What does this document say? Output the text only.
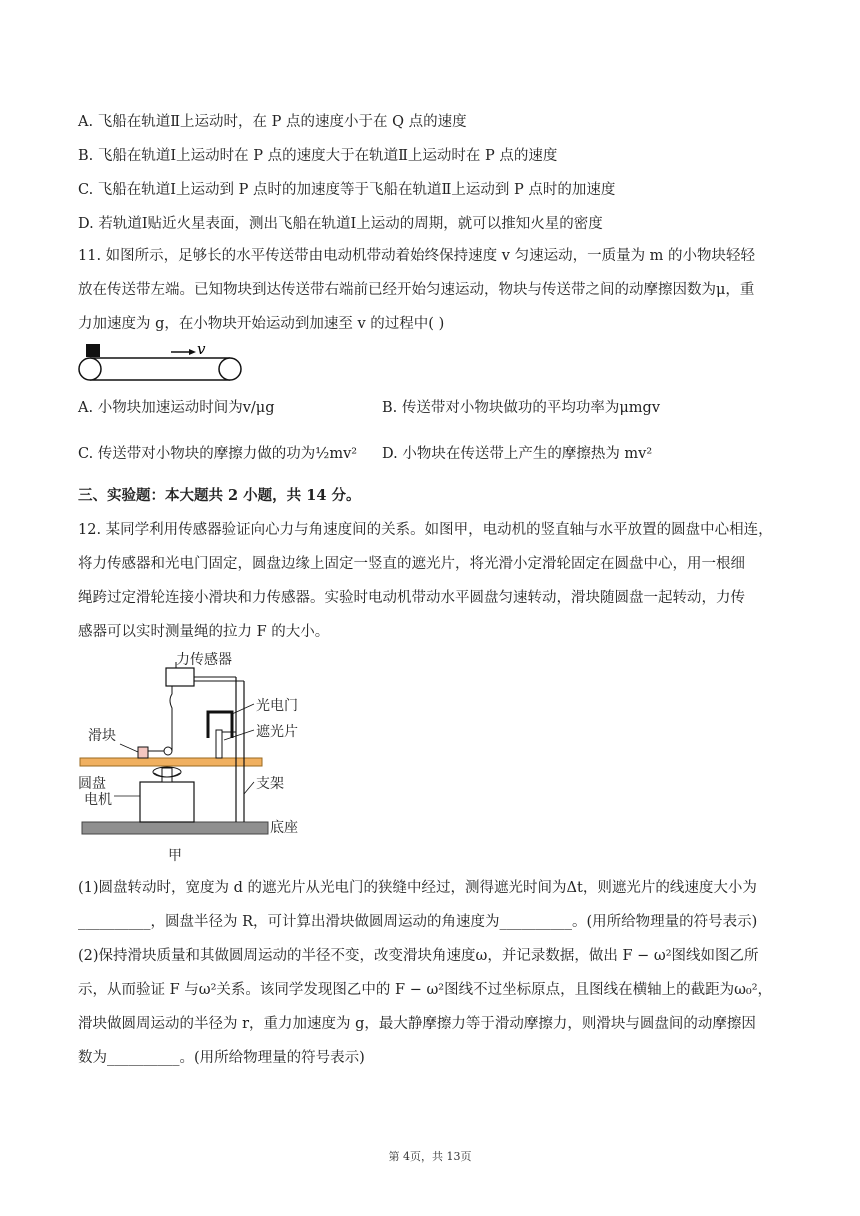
A. 飞船在轨道Ⅱ上运动时，在 P 点的速度小于在 Q 点的速度
B. 飞船在轨道Ⅰ上运动时在 P 点的速度大于在轨道Ⅱ上运动时在 P 点的速度
C. 飞船在轨道Ⅰ上运动到 P 点时的加速度等于飞船在轨道Ⅱ上运动到 P 点时的加速度
D. 若轨道Ⅰ贴近火星表面，测出飞船在轨道Ⅰ上运动的周期，就可以推知火星的密度
11. 如图所示，足够长的水平传送带由电动机带动着始终保持速度 v 匀速运动，一质量为 m 的小物块轻轻
放在传送带左端。已知物块到达传送带右端前已经开始匀速运动，物块与传送带之间的动摩擦因数为μ，重
力加速度为 g，在小物块开始运动到加速至 v 的过程中( )
v
A. 小物块加速运动时间为v/μg	B. 传送带对小物块做功的平均功率为μmgv
C. 传送带对小物块的摩擦力做的功为½mv² D. 小物块在传送带上产生的摩擦热为 mv²
三、实验题：本大题共 2 小题，共 14 分。
12. 某同学利用传感器验证向心力与角速度间的关系。如图甲，电动机的竖直轴与水平放置的圆盘中心相连，
将力传感器和光电门固定，圆盘边缘上固定一竖直的遮光片，将光滑小定滑轮固定在圆盘中心，用一根细
绳跨过定滑轮连接小滑块和力传感器。实验时电动机带动水平圆盘匀速转动，滑块随圆盘一起转动，力传
感器可以实时测量绳的拉力 F 的大小。
力传感器
光电门
遮光片
滑块
圆盘	支架
电机
底座
甲
(1)圆盘转动时，宽度为 d 的遮光片从光电门的狭缝中经过，测得遮光时间为Δt，则遮光片的线速度大小为
__________，圆盘半径为 R，可计算出滑块做圆周运动的角速度为__________。(用所给物理量的符号表示)
(2)保持滑块质量和其做圆周运动的半径不变，改变滑块角速度ω，并记录数据，做出 F − ω²图线如图乙所
示，从而验证 F 与ω²关系。该同学发现图乙中的 F − ω²图线不过坐标原点，且图线在横轴上的截距为ω₀²，
滑块做圆周运动的半径为 r，重力加速度为 g，最大静摩擦力等于滑动摩擦力，则滑块与圆盘间的动摩擦因
数为__________。(用所给物理量的符号表示)
第 4页，共 13页
